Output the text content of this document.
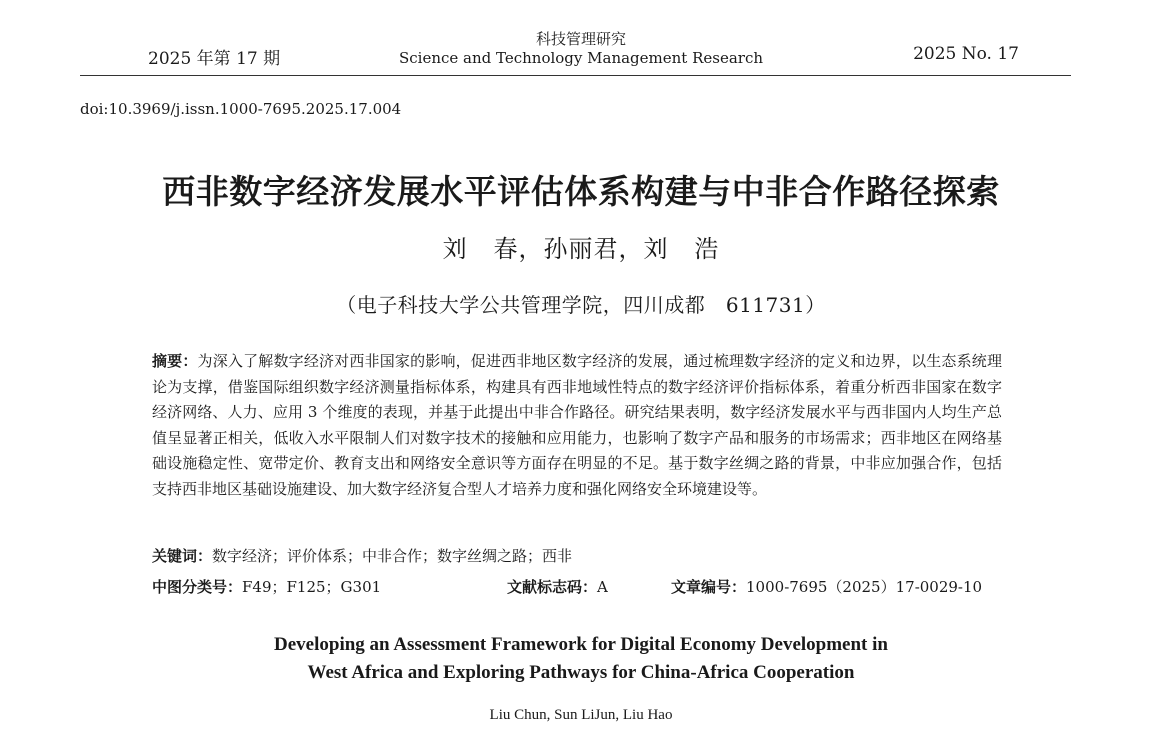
2025 年第 17 期
科技管理研究
Science and Technology Management Research	2025 No. 17
doi:10.3969/j.issn.1000-7695.2025.17.004
西非数字经济发展水平评估体系构建与中非合作路径探索
刘   春，孙丽君，刘   浩
（电子科技大学公共管理学院，四川成都   611731）
摘要：为深入了解数字经济对西非国家的影响，促进西非地区数字经济的发展，通过梳理数字经济的定义和边界，以生态系统理论为支撑，借鉴国际组织数字经济测量指标体系，构建具有西非地域性特点的数字经济评价指标体系，着重分析西非国家在数字经济网络、人力、应用 3 个维度的表现，并基于此提出中非合作路径。研究结果表明，数字经济发展水平与西非国内人均生产总值呈显著正相关，低收入水平限制人们对数字技术的接触和应用能力，也影响了数字产品和服务的市场需求；西非地区在网络基础设施稳定性、宽带定价、教育支出和网络安全意识等方面存在明显的不足。基于数字丝绸之路的背景，中非应加强合作，包括支持西非地区基础设施建设、加大数字经济复合型人才培养力度和强化网络安全环境建设等。
关键词：数字经济；评价体系；中非合作；数字丝绸之路；西非
中图分类号：F49；F125；G301	文献标志码：A	文章编号：1000-7695（2025）17-0029-10
Developing an Assessment Framework for Digital Economy Development in
West Africa and Exploring Pathways for China-Africa Cooperation
Liu Chun, Sun LiJun, Liu Hao
